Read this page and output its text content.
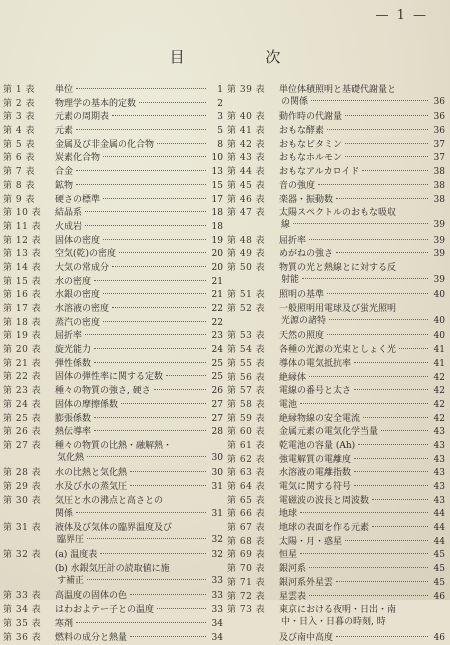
— 1 —
目 次
第 1 表	単位	1
第 2 表	物理学の基本的定数	2
第 3 表	元素の周期表	3
第 4 表	元素	5
第 5 表	金属及び非金属の化合物	8
第 6 表	炭素化合物	10
第 7 表	合金	13
第 8 表	鉱物	15
第 9 表	硬さの標準	17
第 10 表	結晶系	18
第 11 表	火成岩	18
第 12 表	固体の密度	19
第 13 表	空気(乾)の密度	20
第 14 表	大気の常成分	20
第 15 表	水の密度	21
第 16 表	水銀の密度	21
第 17 表	水溶液の密度	22
第 18 表	蒸汽の密度	22
第 19 表	屈折率	23
第 20 表	旋光能力	24
第 21 表	弾性係数	25
第 22 表	固体の弾性率に関する定数	25
第 23 表	種々の物質の強さ, 硬さ	26
第 24 表	固体の摩擦係数	27
第 25 表	膨張係数	27
第 26 表	熱伝導率	28
第 27 表	種々の物質の比熱・融解熱・
気化熱	30
第 28 表	水の比熱と気化熱	30
第 29 表	水及び水の蒸気圧	31
第 30 表	気圧と水の沸点と高さとの
関係	31
第 31 表	液体及び気体の臨界温度及び
臨界圧	32
第 32 表	(a) 温度表	32
(b) 水銀気圧計の読取値に施
す補正	33
第 33 表	高温度の固体の色	33
第 34 表	はわおよテー子との温度	33
第 35 表	寒剤	34
第 36 表	燃料の成分と熱量	34
第 39 表	単位体積照明と基礎代謝量と
の関係	36
第 40 表	動作時の代謝量	36
第 41 表	おもな酵素	36
第 42 表	おもなビタミン	37
第 43 表	おもなホルモン	37
第 44 表	おもなアルカロイド	38
第 45 表	音の強度	38
第 46 表	楽器・振動数	38
第 47 表	太陽スペクトルのおもな吸収
線	39
第 48 表	屈折率	39
第 49 表	めがねの強さ	39
第 50 表	物質の光と熱線とに対する反
射能	39
第 51 表	照明の基準	40
第 52 表	一般照明用電球及び蛍光照明
光源の諸特	40
第 53 表	天然の照度	40
第 54 表	各種の光源の光束としょく光	41
第 55 表	導体の電気抵抗率	41
第 56 表	絶縁体	42
第 57 表	電線の番号と太さ	42
第 58 表	電池	42
第 59 表	絶縁物線の安全電流	42
第 60 表	金属元素の電気化学当量	43
第 61 表	乾電池の容量 (Ah)	43
第 62 表	強電解質の電離度	43
第 63 表	水溶液の電離指数	43
第 64 表	電気に関する符号	43
第 65 表	電磁波の波長と周波数	43
第 66 表	地球	44
第 67 表	地球の表面を作る元素	44
第 68 表	太陽・月・惑星	44
第 69 表	恒星	45
第 70 表	銀河系	45
第 71 表	銀河系外星雲	45
第 72 表	星雲表	46
第 73 表	東京における夜明・日出・南
中・日入・日暮の時刻, 時
及び南中高度	46
